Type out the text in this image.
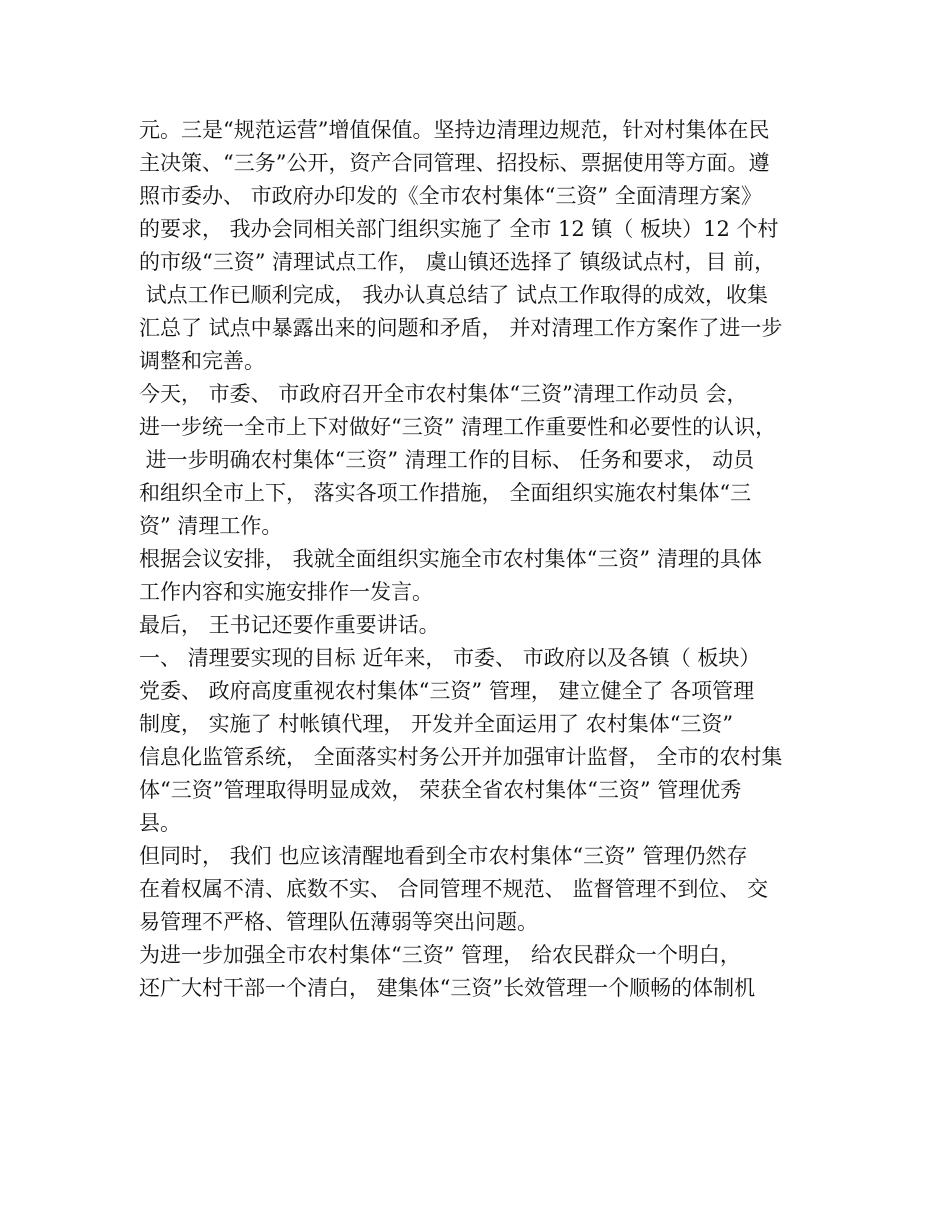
元。三是“规范运营”增值保值。坚持边清理边规范，针对村集体在民
主决策、“三务”公开，资产合同管理、招投标、票据使用等方面。遵
照市委办、 市政府办印发的《全市农村集体“三资” 全面清理方案》
的要求， 我办会同相关部门组织实施了 全市 12 镇（ 板块）12 个村
的市级“三资” 清理试点工作， 虞山镇还选择了 镇级试点村，目 前，
试点工作已顺利完成， 我办认真总结了 试点工作取得的成效，收集
汇总了 试点中暴露出来的问题和矛盾， 并对清理工作方案作了进一步
调整和完善。
今天， 市委、 市政府召开全市农村集体“三资”清理工作动员 会，
进一步统一全市上下对做好“三资” 清理工作重要性和必要性的认识，
进一步明确农村集体“三资” 清理工作的目标、 任务和要求， 动员
和组织全市上下， 落实各项工作措施， 全面组织实施农村集体“三
资” 清理工作。
根据会议安排， 我就全面组织实施全市农村集体“三资” 清理的具体
工作内容和实施安排作一发言。
最后， 王书记还要作重要讲话。
一、 清理要实现的目标 近年来， 市委、 市政府以及各镇（ 板块）
党委、 政府高度重视农村集体“三资” 管理， 建立健全了 各项管理
制度， 实施了 村帐镇代理， 开发并全面运用了 农村集体“三资”
信息化监管系统， 全面落实村务公开并加强审计监督， 全市的农村集
体“三资”管理取得明显成效， 荣获全省农村集体“三资” 管理优秀
县。
但同时， 我们 也应该清醒地看到全市农村集体“三资” 管理仍然存
在着权属不清、底数不实、 合同管理不规范、 监督管理不到位、 交
易管理不严格、管理队伍薄弱等突出问题。
为进一步加强全市农村集体“三资” 管理， 给农民群众一个明白，
还广大村干部一个清白， 建集体“三资”长效管理一个顺畅的体制机
